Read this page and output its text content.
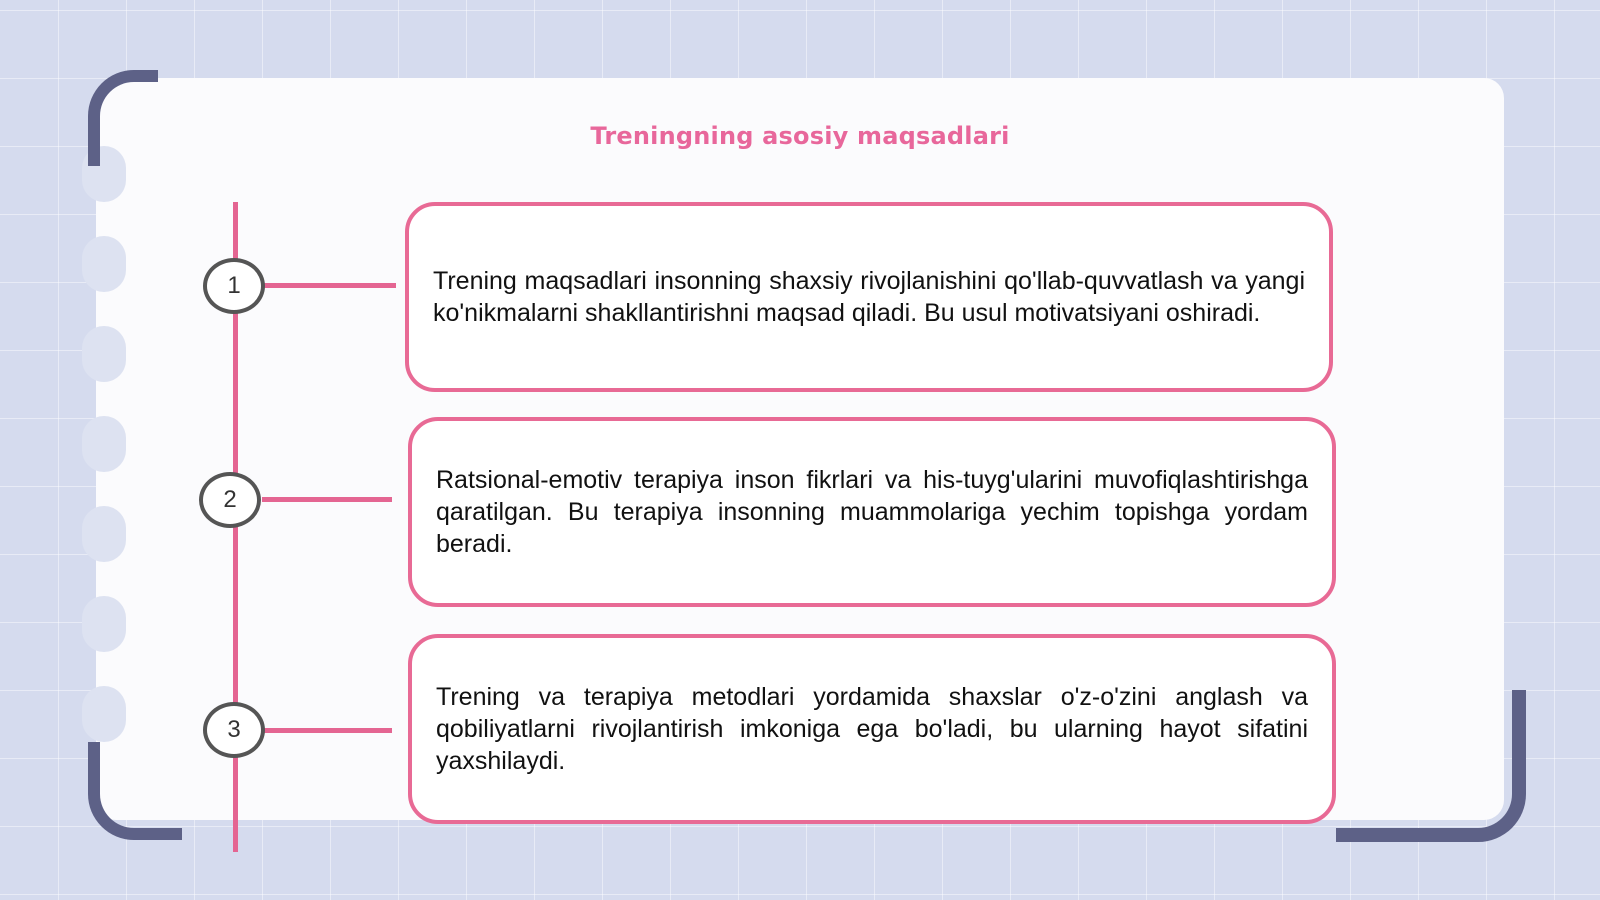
Treningning asosiy maqsadlari
1
2
3
Trening maqsadlari insonning shaxsiy rivojlanishini qo'llab-quvvatlash va yangi ko'nikmalarni shakllantirishni maqsad qiladi. Bu usul motivatsiyani oshiradi.
Ratsional-emotiv terapiya inson fikrlari va his-tuyg'ularini muvofiqlashtirishga qaratilgan. Bu terapiya insonning muammolariga yechim topishga yordam beradi.
Trening va terapiya metodlari yordamida shaxslar o'z-o'zini anglash va qobiliyatlarni rivojlantirish imkoniga ega bo'ladi, bu ularning hayot sifatini yaxshilaydi.
